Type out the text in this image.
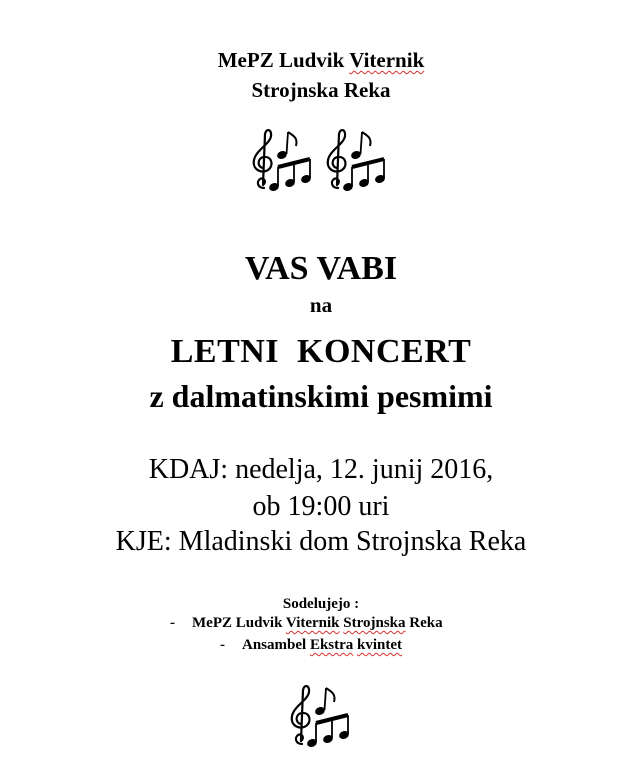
MePZ Ludvik Viternik
Strojnska Reka
VAS VABI
na
LETNI  KONCERT
z dalmatinskimi pesmimi
KDAJ: nedelja, 12. junij 2016,
ob 19:00 uri
KJE: Mladinski dom Strojnska Reka
Sodelujejo :
- MePZ Ludvik Viternik Strojnska Reka
- Ansambel Ekstra kvintet
